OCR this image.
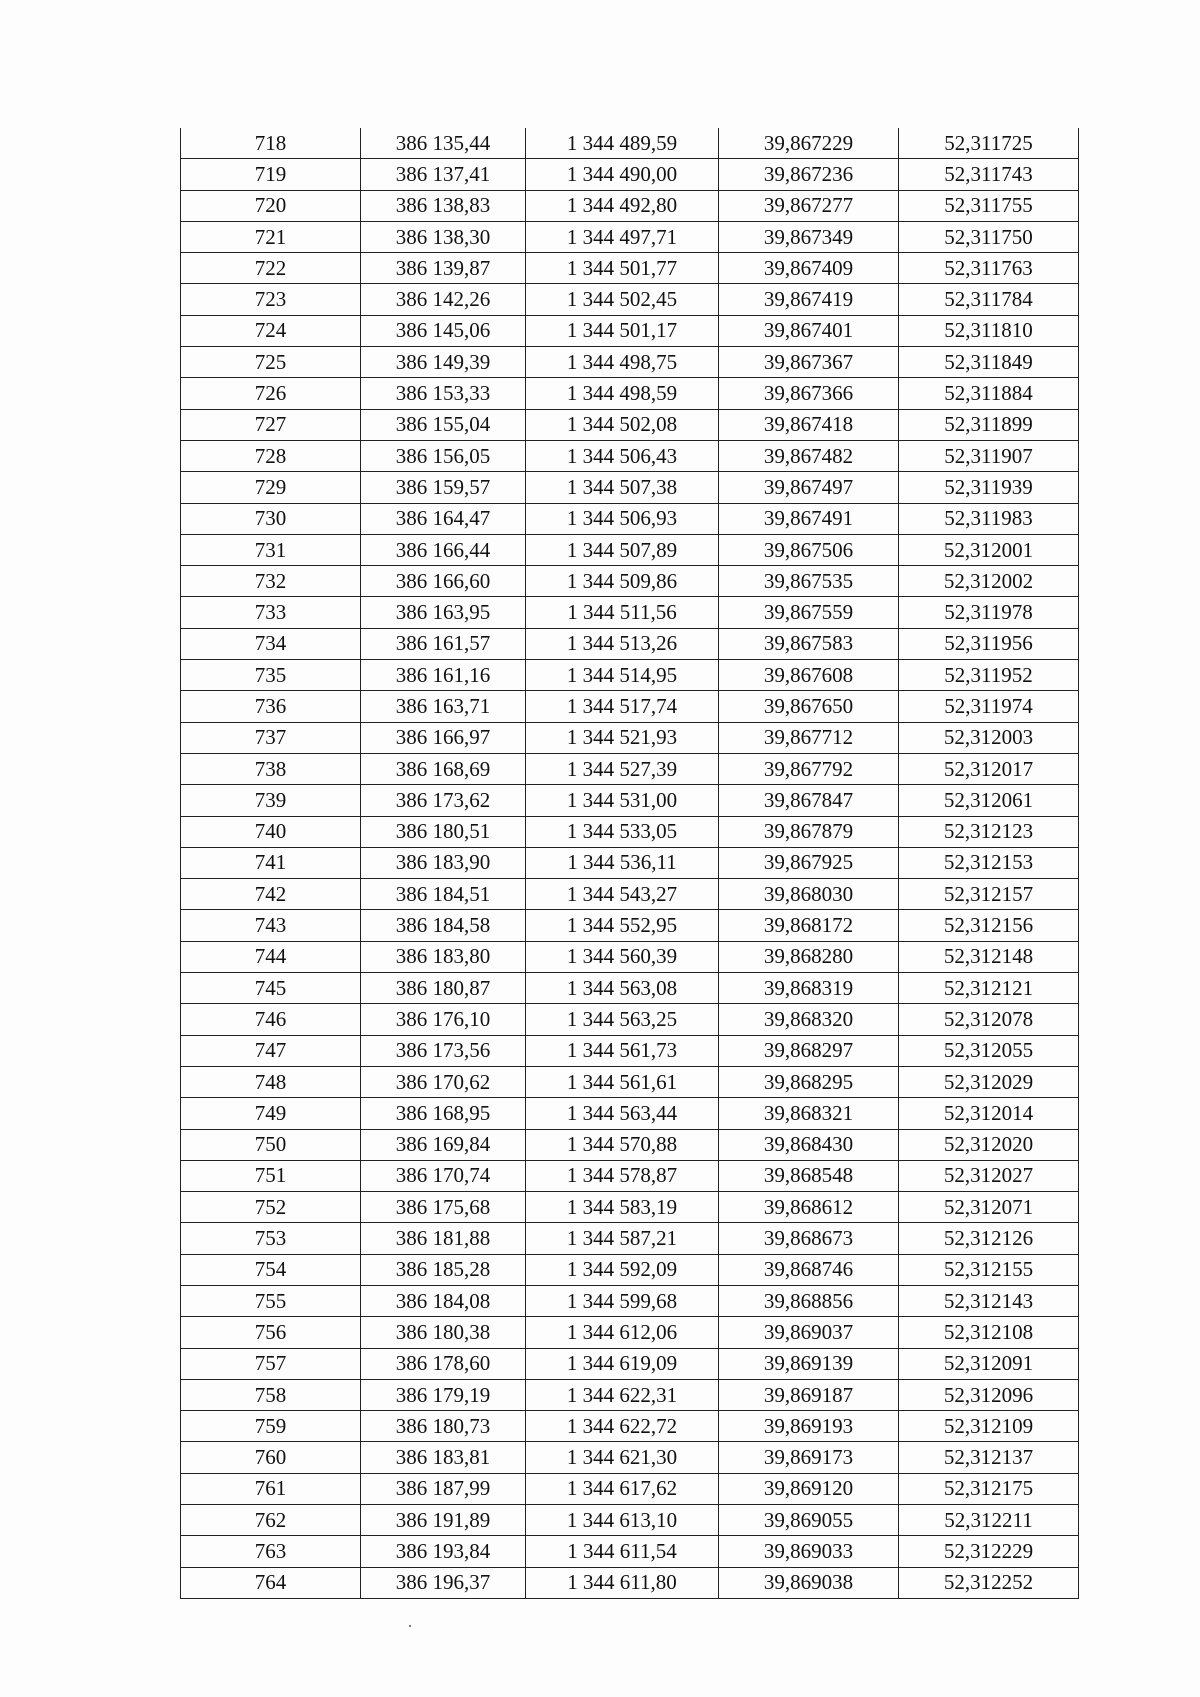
718	386 135,44	1 344 489,59	39,867229	52,311725
719	386 137,41	1 344 490,00	39,867236	52,311743
720	386 138,83	1 344 492,80	39,867277	52,311755
721	386 138,30	1 344 497,71	39,867349	52,311750
722	386 139,87	1 344 501,77	39,867409	52,311763
723	386 142,26	1 344 502,45	39,867419	52,311784
724	386 145,06	1 344 501,17	39,867401	52,311810
725	386 149,39	1 344 498,75	39,867367	52,311849
726	386 153,33	1 344 498,59	39,867366	52,311884
727	386 155,04	1 344 502,08	39,867418	52,311899
728	386 156,05	1 344 506,43	39,867482	52,311907
729	386 159,57	1 344 507,38	39,867497	52,311939
730	386 164,47	1 344 506,93	39,867491	52,311983
731	386 166,44	1 344 507,89	39,867506	52,312001
732	386 166,60	1 344 509,86	39,867535	52,312002
733	386 163,95	1 344 511,56	39,867559	52,311978
734	386 161,57	1 344 513,26	39,867583	52,311956
735	386 161,16	1 344 514,95	39,867608	52,311952
736	386 163,71	1 344 517,74	39,867650	52,311974
737	386 166,97	1 344 521,93	39,867712	52,312003
738	386 168,69	1 344 527,39	39,867792	52,312017
739	386 173,62	1 344 531,00	39,867847	52,312061
740	386 180,51	1 344 533,05	39,867879	52,312123
741	386 183,90	1 344 536,11	39,867925	52,312153
742	386 184,51	1 344 543,27	39,868030	52,312157
743	386 184,58	1 344 552,95	39,868172	52,312156
744	386 183,80	1 344 560,39	39,868280	52,312148
745	386 180,87	1 344 563,08	39,868319	52,312121
746	386 176,10	1 344 563,25	39,868320	52,312078
747	386 173,56	1 344 561,73	39,868297	52,312055
748	386 170,62	1 344 561,61	39,868295	52,312029
749	386 168,95	1 344 563,44	39,868321	52,312014
750	386 169,84	1 344 570,88	39,868430	52,312020
751	386 170,74	1 344 578,87	39,868548	52,312027
752	386 175,68	1 344 583,19	39,868612	52,312071
753	386 181,88	1 344 587,21	39,868673	52,312126
754	386 185,28	1 344 592,09	39,868746	52,312155
755	386 184,08	1 344 599,68	39,868856	52,312143
756	386 180,38	1 344 612,06	39,869037	52,312108
757	386 178,60	1 344 619,09	39,869139	52,312091
758	386 179,19	1 344 622,31	39,869187	52,312096
759	386 180,73	1 344 622,72	39,869193	52,312109
760	386 183,81	1 344 621,30	39,869173	52,312137
761	386 187,99	1 344 617,62	39,869120	52,312175
762	386 191,89	1 344 613,10	39,869055	52,312211
763	386 193,84	1 344 611,54	39,869033	52,312229
764	386 196,37	1 344 611,80	39,869038	52,312252
